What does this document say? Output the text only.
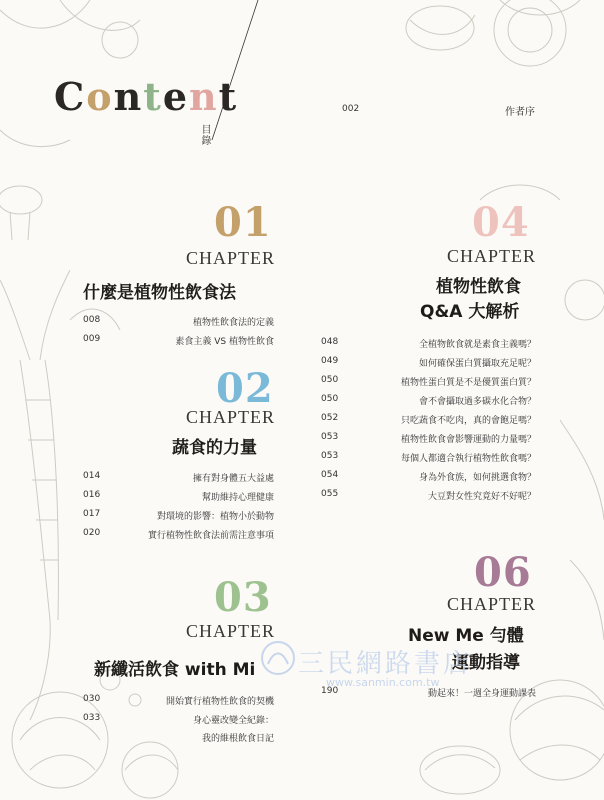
Content
目錄
002	作者序
01
CHAPTER
什麼是植物性飲食法
008	植物性飲食法的定義
009	素食主義 VS 植物性飲食
02
CHAPTER
蔬食的力量
014	擁有對身體五大益處
016	幫助維持心理健康
017	對環境的影響：植物小於動物
020	實行植物性飲食法前需注意事項
03
CHAPTER
新纖活飲食 with Mi
030	開始實行植物性飲食的契機
033	身心靈改變全紀錄：
我的維根飲食日記
04
CHAPTER
植物性飲食
Q&A 大解析
048	全植物飲食就是素食主義嗎？
049	如何確保蛋白質攝取充足呢？
050	植物性蛋白質是不是優質蛋白質？
050	會不會攝取過多碳水化合物？
052	只吃蔬食不吃肉，真的會飽足嗎？
053	植物性飲食會影響運動的力量嗎？
053	每個人都適合執行植物性飲食嗎？
054	身為外食族，如何挑選食物？
055	大豆對女性究竟好不好呢？
06
CHAPTER
New Me 勻體
運動指導
190	動起來！一週全身運動課表
三民網路書店
www.sanmin.com.tw
